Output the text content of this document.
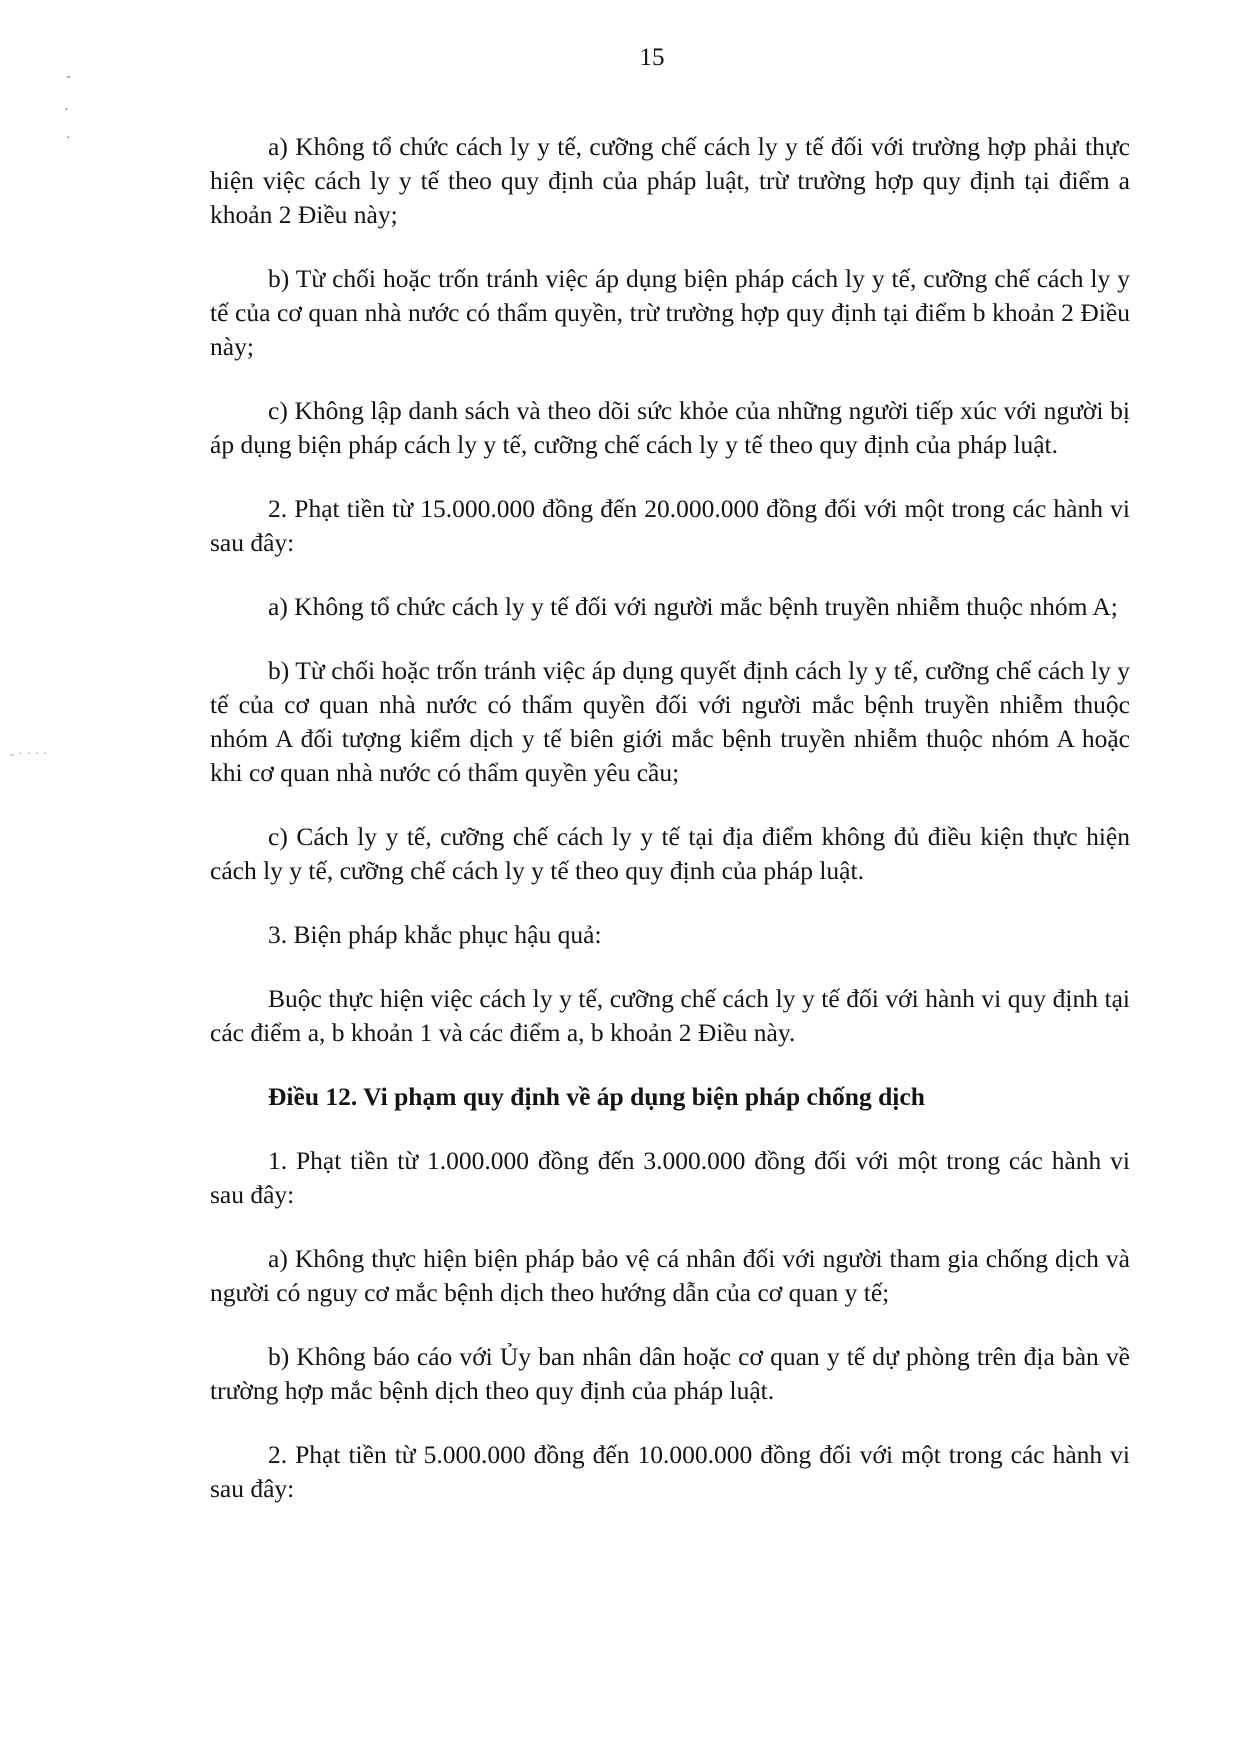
15
-
·
·
- · · · ·

a) Không tổ chức cách ly y tế, cưỡng chế cách ly y tế đối với trường hợp phải thực hiện việc cách ly y tế theo quy định của pháp luật, trừ trường hợp quy định tại điểm a khoản 2 Điều này;

b) Từ chối hoặc trốn tránh việc áp dụng biện pháp cách ly y tế, cưỡng chế cách ly y tế của cơ quan nhà nước có thẩm quyền, trừ trường hợp quy định tại điểm b khoản 2 Điều này;

c) Không lập danh sách và theo dõi sức khỏe của những người tiếp xúc với người bị áp dụng biện pháp cách ly y tế, cưỡng chế cách ly y tế theo quy định của pháp luật.

2. Phạt tiền từ 15.000.000 đồng đến 20.000.000 đồng đối với một trong các hành vi sau đây:

a) Không tổ chức cách ly y tế đối với người mắc bệnh truyền nhiễm thuộc nhóm A;

b) Từ chối hoặc trốn tránh việc áp dụng quyết định cách ly y tế, cưỡng chế cách ly y tế của cơ quan nhà nước có thẩm quyền đối với người mắc bệnh truyền nhiễm thuộc nhóm A đối tượng kiểm dịch y tế biên giới mắc bệnh truyền nhiễm thuộc nhóm A hoặc khi cơ quan nhà nước có thẩm quyền yêu cầu;

c) Cách ly y tế, cưỡng chế cách ly y tế tại địa điểm không đủ điều kiện thực hiện cách ly y tế, cưỡng chế cách ly y tế theo quy định của pháp luật.

3. Biện pháp khắc phục hậu quả:

Buộc thực hiện việc cách ly y tế, cưỡng chế cách ly y tế đối với hành vi quy định tại các điểm a, b khoản 1 và các điểm a, b khoản 2 Điều này.

Điều 12. Vi phạm quy định về áp dụng biện pháp chống dịch

1. Phạt tiền từ 1.000.000 đồng đến 3.000.000 đồng đối với một trong các hành vi sau đây:

a) Không thực hiện biện pháp bảo vệ cá nhân đối với người tham gia chống dịch và người có nguy cơ mắc bệnh dịch theo hướng dẫn của cơ quan y tế;

b) Không báo cáo với Ủy ban nhân dân hoặc cơ quan y tế dự phòng trên địa bàn về trường hợp mắc bệnh dịch theo quy định của pháp luật.

2. Phạt tiền từ 5.000.000 đồng đến 10.000.000 đồng đối với một trong các hành vi sau đây:
